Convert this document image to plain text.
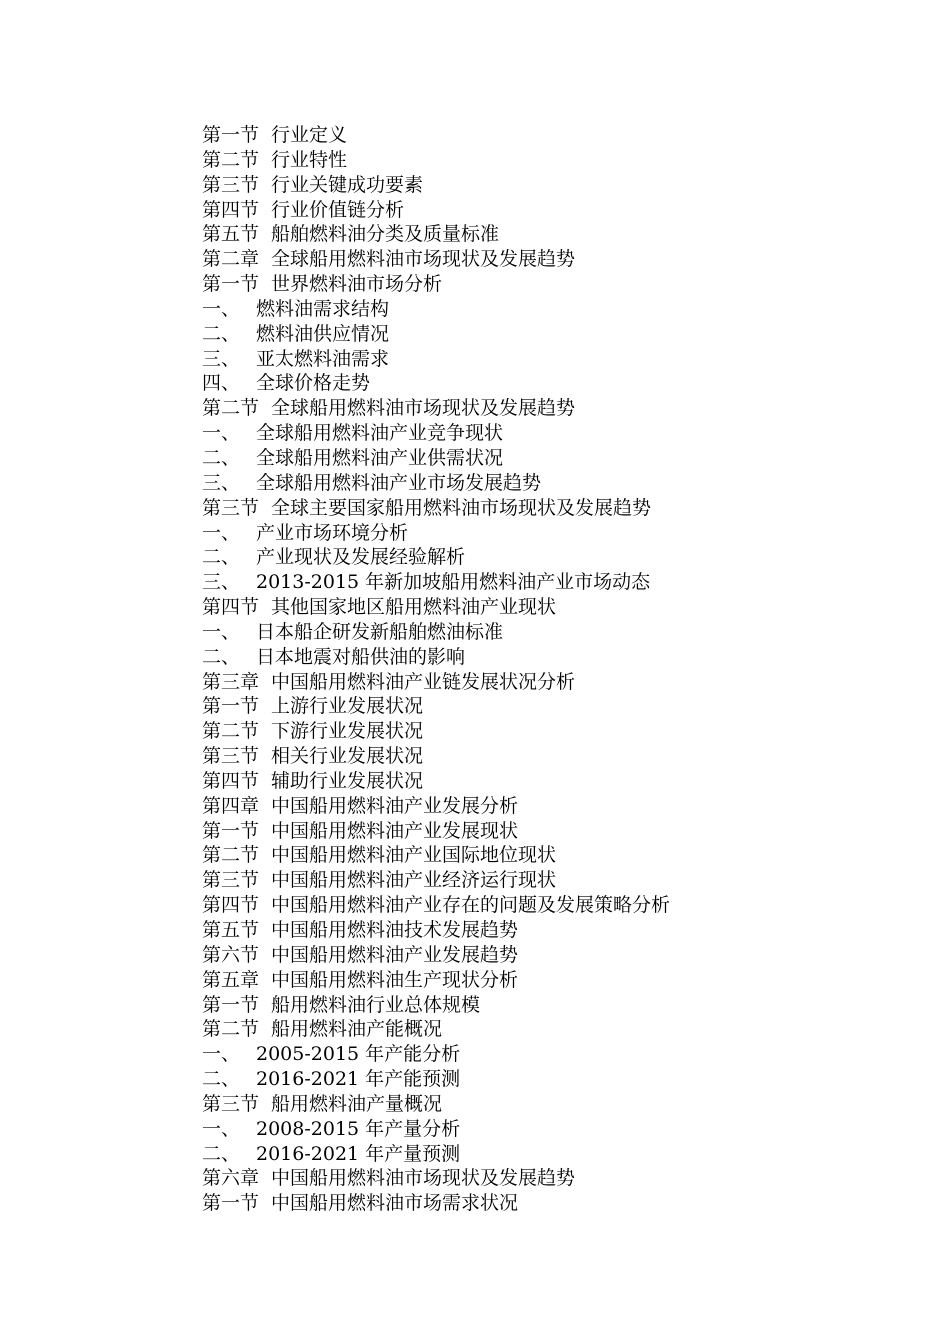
第一节 行业定义
第二节 行业特性
第三节 行业关键成功要素
第四节 行业价值链分析
第五节 船舶燃料油分类及质量标准
第二章 全球船用燃料油市场现状及发展趋势
第一节 世界燃料油市场分析
一、 燃料油需求结构
二、 燃料油供应情况
三、 亚太燃料油需求
四、 全球价格走势
第二节 全球船用燃料油市场现状及发展趋势
一、 全球船用燃料油产业竞争现状
二、 全球船用燃料油产业供需状况
三、 全球船用燃料油产业市场发展趋势
第三节 全球主要国家船用燃料油市场现状及发展趋势
一、 产业市场环境分析
二、 产业现状及发展经验解析
三、 2013-2015 年新加坡船用燃料油产业市场动态
第四节 其他国家地区船用燃料油产业现状
一、 日本船企研发新船舶燃油标准
二、 日本地震对船供油的影响
第三章 中国船用燃料油产业链发展状况分析
第一节 上游行业发展状况
第二节 下游行业发展状况
第三节 相关行业发展状况
第四节 辅助行业发展状况
第四章 中国船用燃料油产业发展分析
第一节 中国船用燃料油产业发展现状
第二节 中国船用燃料油产业国际地位现状
第三节 中国船用燃料油产业经济运行现状
第四节 中国船用燃料油产业存在的问题及发展策略分析
第五节 中国船用燃料油技术发展趋势
第六节 中国船用燃料油产业发展趋势
第五章 中国船用燃料油生产现状分析
第一节 船用燃料油行业总体规模
第二节 船用燃料油产能概况
一、 2005-2015 年产能分析
二、 2016-2021 年产能预测
第三节 船用燃料油产量概况
一、 2008-2015 年产量分析
二、 2016-2021 年产量预测
第六章 中国船用燃料油市场现状及发展趋势
第一节 中国船用燃料油市场需求状况
